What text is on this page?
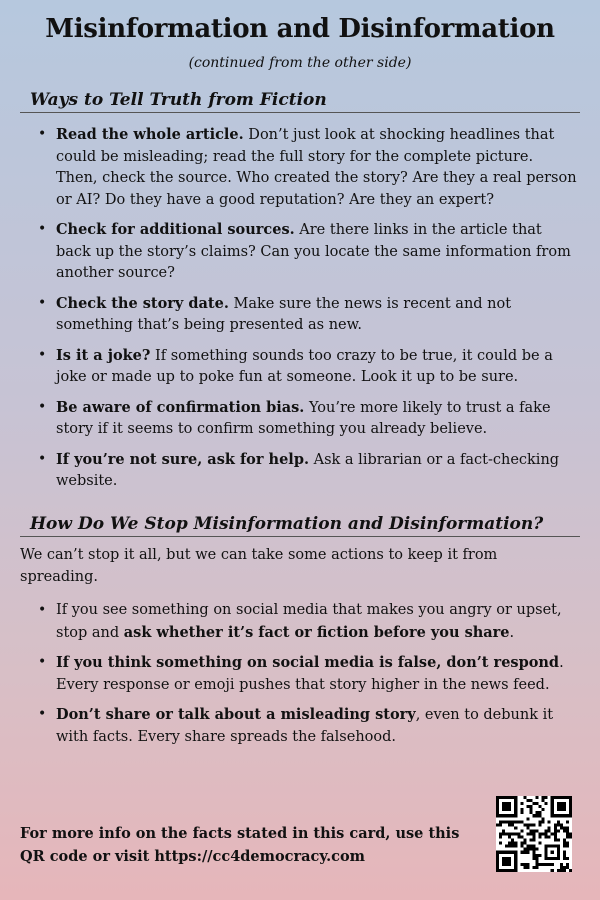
Misinformation and Disinformation
(continued from the other side)
Ways to Tell Truth from Fiction
• Read the whole article. Don’t just look at shocking headlines that could be misleading; read the full story for the complete picture. Then, check the source. Who created the story? Are they a real person or AI? Do they have a good reputation? Are they an expert?
• Check for additional sources. Are there links in the article that back up the story’s claims? Can you locate the same information from another source?
• Check the story date. Make sure the news is recent and not something that’s being presented as new.
• Is it a joke? If something sounds too crazy to be true, it could be a joke or made up to poke fun at someone. Look it up to be sure.
• Be aware of confirmation bias. You’re more likely to trust a fake story if it seems to confirm something you already believe.
• If you’re not sure, ask for help. Ask a librarian or a fact-checking website.
How Do We Stop Misinformation and Disinformation?
We can’t stop it all, but we can take some actions to keep it from spreading.
• If you see something on social media that makes you angry or upset, stop and ask whether it’s fact or fiction before you share.
• If you think something on social media is false, don’t respond. Every response or emoji pushes that story higher in the news feed.
• Don’t share or talk about a misleading story, even to debunk it with facts. Every share spreads the falsehood.
For more info on the facts stated in this card, use this QR code or visit https://cc4democracy.com
